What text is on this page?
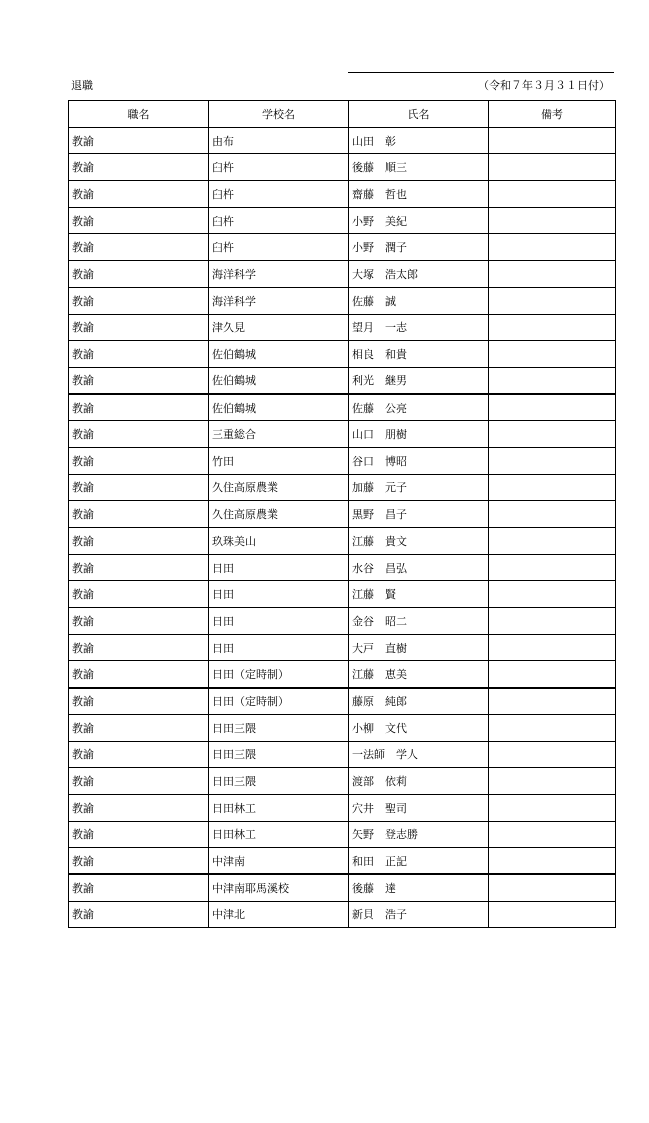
退職	（令和７年３月３１日付）
職名	学校名	氏名	備考
教諭	由布	山田　彰	
教諭	臼杵	後藤　順三	
教諭	臼杵	齋藤　哲也	
教諭	臼杵	小野　美紀	
教諭	臼杵	小野　潤子	
教諭	海洋科学	大塚　浩太郎	
教諭	海洋科学	佐藤　誠	
教諭	津久見	望月　一志	
教諭	佐伯鶴城	相良　和貴	
教諭	佐伯鶴城	利光　継男	
教諭	佐伯鶴城	佐藤　公亮	
教諭	三重総合	山口　朋樹	
教諭	竹田	谷口　博昭	
教諭	久住高原農業	加藤　元子	
教諭	久住高原農業	黒野　昌子	
教諭	玖珠美山	江藤　貴文	
教諭	日田	水谷　昌弘	
教諭	日田	江藤　賢	
教諭	日田	金谷　昭二	
教諭	日田	大戸　直樹	
教諭	日田（定時制）	江藤　恵美	
教諭	日田（定時制）	藤原　純郎	
教諭	日田三隈	小柳　文代	
教諭	日田三隈	一法師　学人	
教諭	日田三隈	渡部　依莉	
教諭	日田林工	穴井　聖司	
教諭	日田林工	矢野　登志勝	
教諭	中津南	和田　正記	
教諭	中津南耶馬溪校	後藤　達	
教諭	中津北	新貝　浩子	
